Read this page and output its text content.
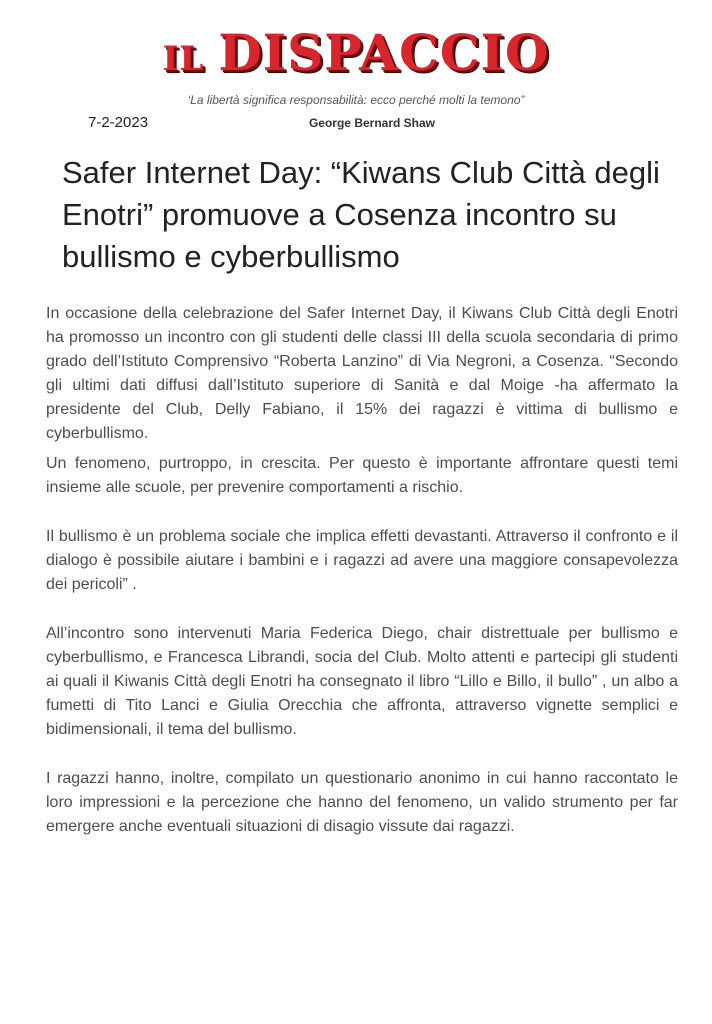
IL DISPACCIO
‘La libertà significa responsabilità: ecco perché molti la temono”
7-2-2023	George Bernard Shaw
Safer Internet Day: “Kiwans Club Città degli Enotri” promuove a Cosenza incontro su bullismo e cyberbullismo

In occasione della celebrazione del Safer Internet Day, il Kiwans Club Città degli Enotri ha promosso un incontro con gli studenti delle classi III della scuola secondaria di primo grado dell’Istituto Comprensivo “Roberta Lanzino” di Via Negroni, a Cosenza. “Secondo gli ultimi dati diffusi dall’Istituto superiore di Sanità e dal Moige -ha affermato la presidente del Club, Delly Fabiano, il 15% dei ragazzi è vittima di bullismo e cyberbullismo.

Un fenomeno, purtroppo, in crescita. Per questo è importante affrontare questi temi insieme alle scuole, per prevenire comportamenti a rischio.

Il bullismo è un problema sociale che implica effetti devastanti. Attraverso il confronto e il dialogo è possibile aiutare i bambini e i ragazzi ad avere una maggiore consapevolezza dei pericoli” .

All’incontro sono intervenuti Maria Federica Diego, chair distrettuale per bullismo e cyberbullismo, e Francesca Librandi, socia del Club. Molto attenti e partecipi gli studenti ai quali il Kiwanis Città degli Enotri ha consegnato il libro “Lillo e Billo, il bullo” , un albo a fumetti di Tito Lanci e Giulia Orecchia che affronta, attraverso vignette semplici e bidimensionali, il tema del bullismo.

I ragazzi hanno, inoltre, compilato un questionario anonimo in cui hanno raccontato le loro impressioni e la percezione che hanno del fenomeno, un valido strumento per far emergere anche eventuali situazioni di disagio vissute dai ragazzi.
